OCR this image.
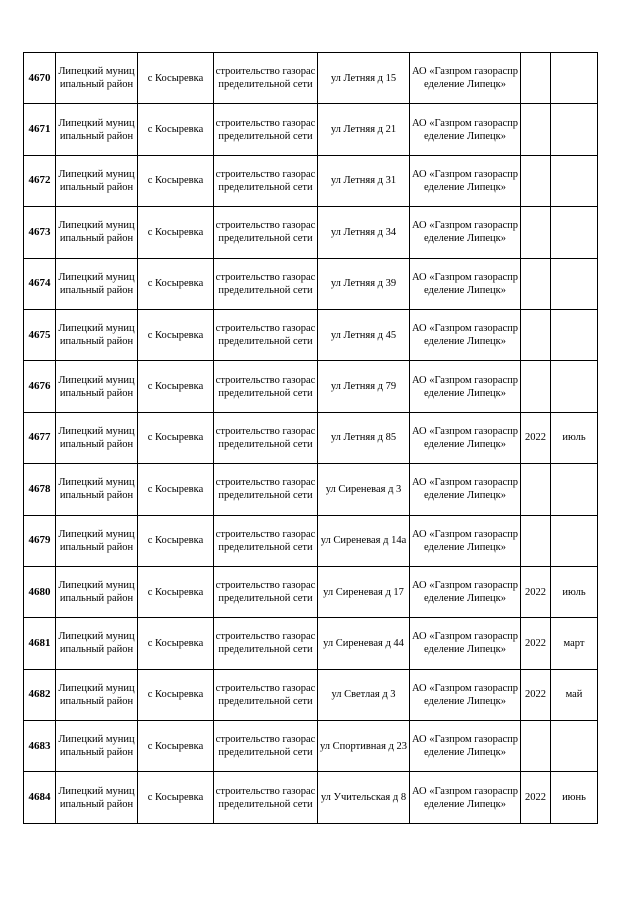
4670	Липецкий муниципальный район	с Косыревка	строительство газораспределительной сети	ул Летняя д 15	АО «Газпром газораспределение Липецк»		
4671	Липецкий муниципальный район	с Косыревка	строительство газораспределительной сети	ул Летняя д 21	АО «Газпром газораспределение Липецк»		
4672	Липецкий муниципальный район	с Косыревка	строительство газораспределительной сети	ул Летняя д 31	АО «Газпром газораспределение Липецк»		
4673	Липецкий муниципальный район	с Косыревка	строительство газораспределительной сети	ул Летняя д 34	АО «Газпром газораспределение Липецк»		
4674	Липецкий муниципальный район	с Косыревка	строительство газораспределительной сети	ул Летняя д 39	АО «Газпром газораспределение Липецк»		
4675	Липецкий муниципальный район	с Косыревка	строительство газораспределительной сети	ул Летняя д 45	АО «Газпром газораспределение Липецк»		
4676	Липецкий муниципальный район	с Косыревка	строительство газораспределительной сети	ул Летняя д 79	АО «Газпром газораспределение Липецк»		
4677	Липецкий муниципальный район	с Косыревка	строительство газораспределительной сети	ул Летняя д 85	АО «Газпром газораспределение Липецк»	2022	июль
4678	Липецкий муниципальный район	с Косыревка	строительство газораспределительной сети	ул Сиреневая д 3	АО «Газпром газораспределение Липецк»		
4679	Липецкий муниципальный район	с Косыревка	строительство газораспределительной сети	ул Сиреневая д 14а	АО «Газпром газораспределение Липецк»		
4680	Липецкий муниципальный район	с Косыревка	строительство газораспределительной сети	ул Сиреневая д 17	АО «Газпром газораспределение Липецк»	2022	июль
4681	Липецкий муниципальный район	с Косыревка	строительство газораспределительной сети	ул Сиреневая д 44	АО «Газпром газораспределение Липецк»	2022	март
4682	Липецкий муниципальный район	с Косыревка	строительство газораспределительной сети	ул Светлая д 3	АО «Газпром газораспределение Липецк»	2022	май
4683	Липецкий муниципальный район	с Косыревка	строительство газораспределительной сети	ул Спортивная д 23	АО «Газпром газораспределение Липецк»		
4684	Липецкий муниципальный район	с Косыревка	строительство газораспределительной сети	ул Учительская д 8	АО «Газпром газораспределение Липецк»	2022	июнь
